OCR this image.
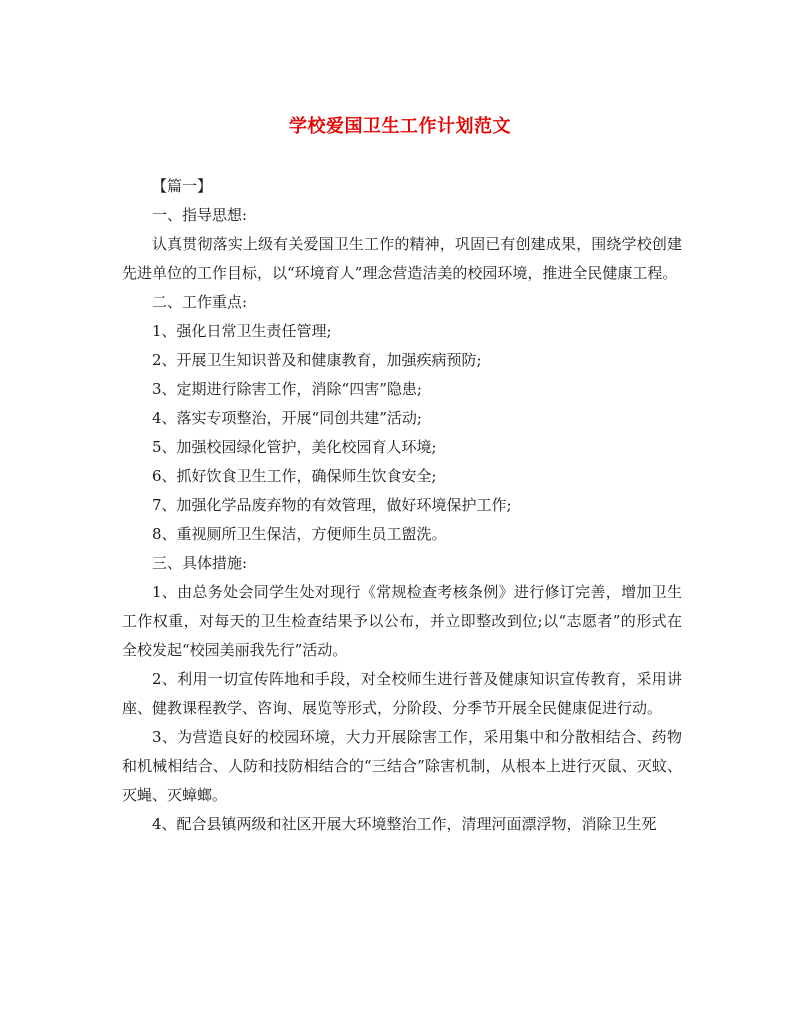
学校爱国卫生工作计划范文

【篇一】

一、指导思想:

认真贯彻落实上级有关爱国卫生工作的精神，巩固已有创建成果，围绕学校创建先进单位的工作目标，以“环境育人”理念营造洁美的校园环境，推进全民健康工程。

二、工作重点:

1、强化日常卫生责任管理;

2、开展卫生知识普及和健康教育，加强疾病预防;

3、定期进行除害工作，消除“四害”隐患;

4、落实专项整治，开展“同创共建”活动;

5、加强校园绿化管护，美化校园育人环境;

6、抓好饮食卫生工作，确保师生饮食安全;

7、加强化学品废弃物的有效管理，做好环境保护工作;

8、重视厕所卫生保洁，方便师生员工盥洗。

三、具体措施:

1、由总务处会同学生处对现行《常规检查考核条例》进行修订完善，增加卫生工作权重，对每天的卫生检查结果予以公布，并立即整改到位;以“志愿者”的形式在全校发起“校园美丽我先行”活动。

2、利用一切宣传阵地和手段，对全校师生进行普及健康知识宣传教育，采用讲座、健教课程教学、咨询、展览等形式，分阶段、分季节开展全民健康促进行动。

3、为营造良好的校园环境，大力开展除害工作，采用集中和分散相结合、药物和机械相结合、人防和技防相结合的“三结合”除害机制，从根本上进行灭鼠、灭蚊、灭蝇、灭蟑螂。

4、配合县镇两级和社区开展大环境整治工作，清理河面漂浮物，消除卫生死
